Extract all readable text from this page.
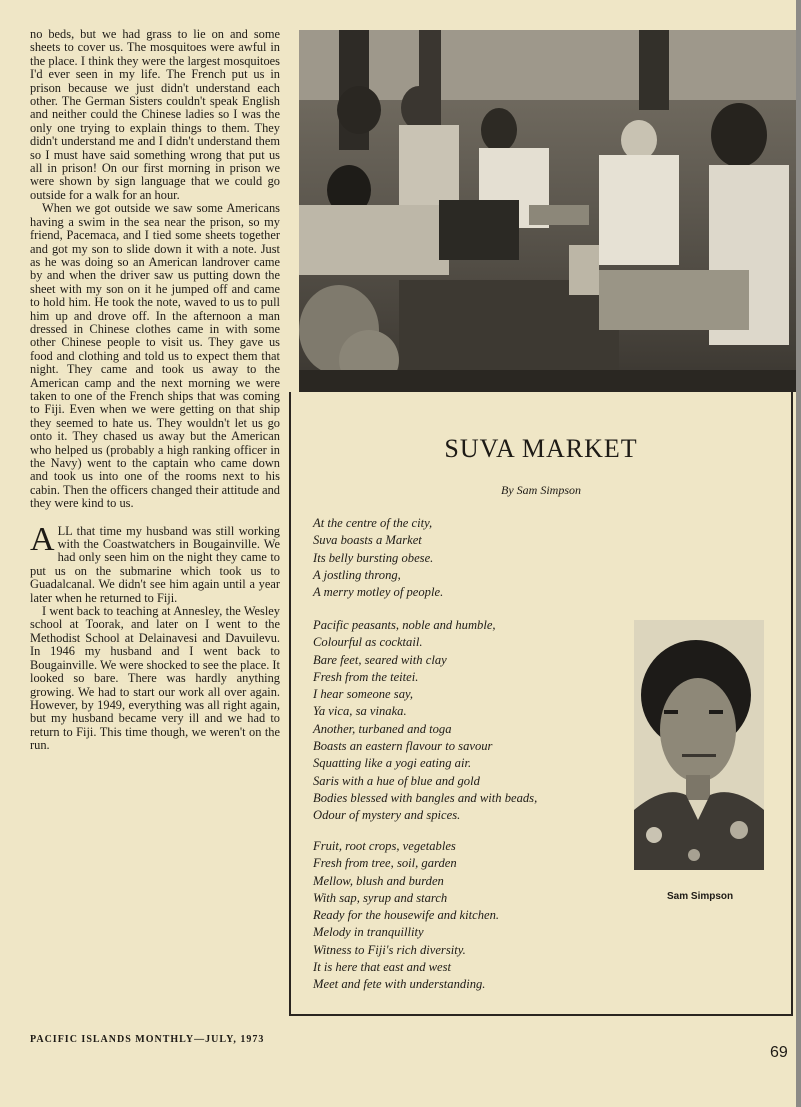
no beds, but we had grass to lie on and some sheets to cover us. The mosquitoes were awful in the place. I think they were the largest mosquitoes I'd ever seen in my life. The French put us in prison because we just didn't understand each other. The German Sisters couldn't speak English and neither could the Chinese ladies so I was the only one trying to explain things to them. They didn't understand me and I didn't understand them so I must have said something wrong that put us all in prison! On our first morning in prison we were shown by sign language that we could go outside for a walk for an hour.

When we got outside we saw some Americans having a swim in the sea near the prison, so my friend, Pacemaca, and I tied some sheets together and got my son to slide down it with a note. Just as he was doing so an American landrover came by and when the driver saw us putting down the sheet with my son on it he jumped off and came to hold him. He took the note, waved to us to pull him up and drove off. In the afternoon a man dressed in Chinese clothes came in with some other Chinese people to visit us. They gave us food and clothing and told us to expect them that night. They came and took us away to the American camp and the next morning we were taken to one of the French ships that was coming to Fiji. Even when we were getting on that ship they seemed to hate us. They wouldn't let us go onto it. They chased us away but the American who helped us (probably a high ranking officer in the Navy) went to the captain who came down and took us into one of the rooms next to his cabin. Then the officers changed their attitude and they were kind to us.

ALL that time my husband was still working with the Coastwatchers in Bougainville. We had only seen him on the night they came to put us on the submarine which took us to Guadalcanal. We didn't see him again until a year later when he returned to Fiji.

I went back to teaching at Annesley, the Wesley school at Toorak, and later on I went to the Methodist School at Delainavesi and Davuilevu. In 1946 my husband and I went back to Bougainville. We were shocked to see the place. It looked so bare. There was hardly anything growing. We had to start our work all over again. However, by 1949, everything was all right again, but my husband became very ill and we had to return to Fiji. This time though, we weren't on the run.

PACIFIC ISLANDS MONTHLY—JULY, 1973
69
SUVA MARKET
By Sam Simpson
At the centre of the city,
Suva boasts a Market
Its belly bursting obese.
A jostling throng,
A merry motley of people.
Pacific peasants, noble and humble,
Colourful as cocktail.
Bare feet, seared with clay
Fresh from the teitei.
I hear someone say,
Ya vica, sa vinaka.
Another, turbaned and toga
Boasts an eastern flavour to savour
Squatting like a yogi eating air.
Saris with a hue of blue and gold
Bodies blessed with bangles and with beads,
Odour of mystery and spices.
Fruit, root crops, vegetables
Fresh from tree, soil, garden
Mellow, blush and burden
With sap, syrup and starch
Ready for the housewife and kitchen.
Melody in tranquillity
Witness to Fiji's rich diversity.
It is here that east and west
Meet and fete with understanding.
Sam Simpson
